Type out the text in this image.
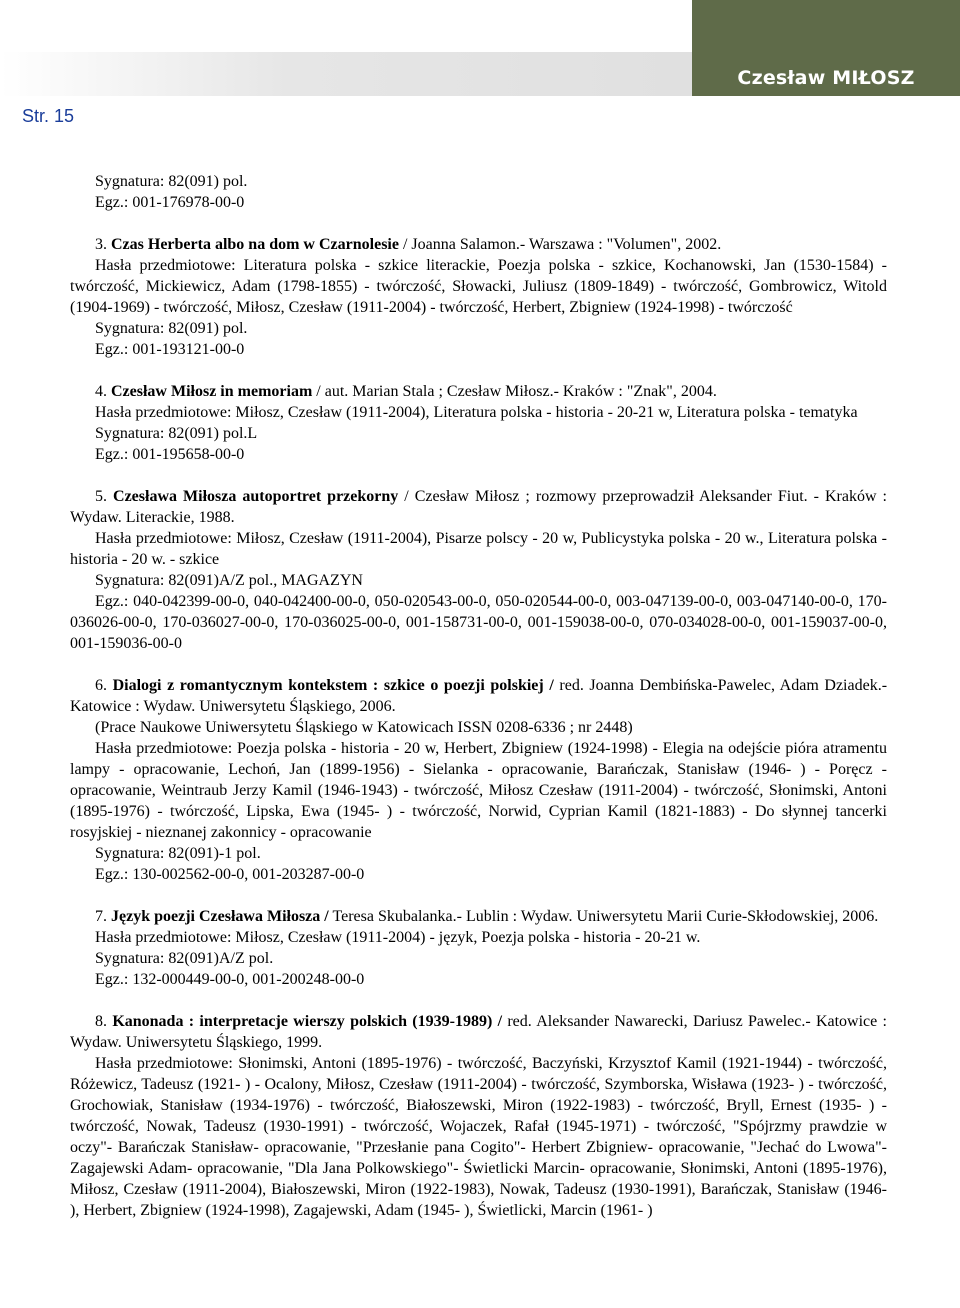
Czesław MIŁOSZ
Str. 15

Sygnatura: 82(091) pol.

Egz.: 001-176978-00-0

3. Czas Herberta albo na dom w Czarnolesie / Joanna Salamon.- Warszawa : "Volumen", 2002.

Hasła przedmiotowe: Literatura polska - szkice literackie, Poezja polska - szkice, Kochanowski, Jan (1530-1584) - twórczość, Mickiewicz, Adam (1798-1855) - twórczość, Słowacki, Juliusz (1809-1849) - twórczość, Gombrowicz, Witold (1904-1969) - twórczość, Miłosz, Czesław (1911-2004) - twórczość, Herbert, Zbigniew (1924-1998) - twórczość

Sygnatura: 82(091) pol.

Egz.: 001-193121-00-0

4. Czesław Miłosz in memoriam / aut. Marian Stala ; Czesław Miłosz.- Kraków : "Znak", 2004.

Hasła przedmiotowe: Miłosz, Czesław (1911-2004), Literatura polska - historia - 20-21 w, Literatura polska - tematyka

Sygnatura: 82(091) pol.L

Egz.: 001-195658-00-0

5. Czesława Miłosza autoportret przekorny / Czesław Miłosz ; rozmowy przeprowadził Aleksander Fiut. - Kraków : Wydaw. Literackie, 1988.

Hasła przedmiotowe: Miłosz, Czesław (1911-2004), Pisarze polscy - 20 w, Publicystyka polska - 20 w., Literatura polska - historia - 20 w. - szkice

Sygnatura: 82(091)A/Z pol., MAGAZYN

Egz.: 040-042399-00-0, 040-042400-00-0, 050-020543-00-0, 050-020544-00-0, 003-047139-00-0, 003-047140-00-0, 170-036026-00-0, 170-036027-00-0, 170-036025-00-0, 001-158731-00-0, 001-159038-00-0, 070-034028-00-0, 001-159037-00-0, 001-159036-00-0

6. Dialogi z romantycznym kontekstem : szkice o poezji polskiej / red. Joanna Dembińska-Pawelec, Adam Dziadek.- Katowice : Wydaw. Uniwersytetu Śląskiego, 2006.

(Prace Naukowe Uniwersytetu Śląskiego w Katowicach ISSN 0208-6336 ; nr 2448)

Hasła przedmiotowe: Poezja polska - historia - 20 w, Herbert, Zbigniew (1924-1998) - Elegia na odejście pióra atramentu lampy - opracowanie, Lechoń, Jan (1899-1956) - Sielanka - opracowanie, Barańczak, Stanisław (1946- ) - Poręcz - opracowanie, Weintraub Jerzy Kamil (1946-1943) - twórczość, Miłosz Czesław (1911-2004) - twórczość, Słonimski, Antoni (1895-1976) - twórczość, Lipska, Ewa (1945- ) - twórczość, Norwid, Cyprian Kamil (1821-1883) - Do słynnej tancerki rosyjskiej - nieznanej zakonnicy - opracowanie

Sygnatura: 82(091)-1 pol.

Egz.: 130-002562-00-0, 001-203287-00-0

7. Język poezji Czesława Miłosza / Teresa Skubalanka.- Lublin : Wydaw. Uniwersytetu Marii Curie-Skłodowskiej, 2006.

Hasła przedmiotowe: Miłosz, Czesław (1911-2004) - język, Poezja polska - historia - 20-21 w.

Sygnatura: 82(091)A/Z pol.

Egz.: 132-000449-00-0, 001-200248-00-0

8. Kanonada : interpretacje wierszy polskich (1939-1989) / red. Aleksander Nawarecki, Dariusz Pawelec.- Katowice : Wydaw. Uniwersytetu Śląskiego, 1999.

Hasła przedmiotowe: Słonimski, Antoni (1895-1976) - twórczość, Baczyński, Krzysztof Kamil (1921-1944) - twórczość, Różewicz, Tadeusz (1921- ) - Ocalony, Miłosz, Czesław (1911-2004) - twórczość, Szymborska, Wisława (1923- ) - twórczość, Grochowiak, Stanisław (1934-1976) - twórczość, Białoszewski, Miron (1922-1983) - twórczość, Bryll, Ernest (1935- ) - twórczość, Nowak, Tadeusz (1930-1991) - twórczość, Wojaczek, Rafał (1945-1971) - twórczość, "Spójrzmy prawdzie w oczy"- Barańczak Stanisław- opracowanie, "Przesłanie pana Cogito"- Herbert Zbigniew- opracowanie, "Jechać do Lwowa"- Zagajewski Adam- opracowanie, "Dla Jana Polkowskiego"- Świetlicki Marcin- opracowanie, Słonimski, Antoni (1895-1976), Miłosz, Czesław (1911-2004), Białoszewski, Miron (1922-1983), Nowak, Tadeusz (1930-1991), Barańczak, Stanisław (1946- ), Herbert, Zbigniew (1924-1998), Zagajewski, Adam (1945- ), Świetlicki, Marcin (1961- )
